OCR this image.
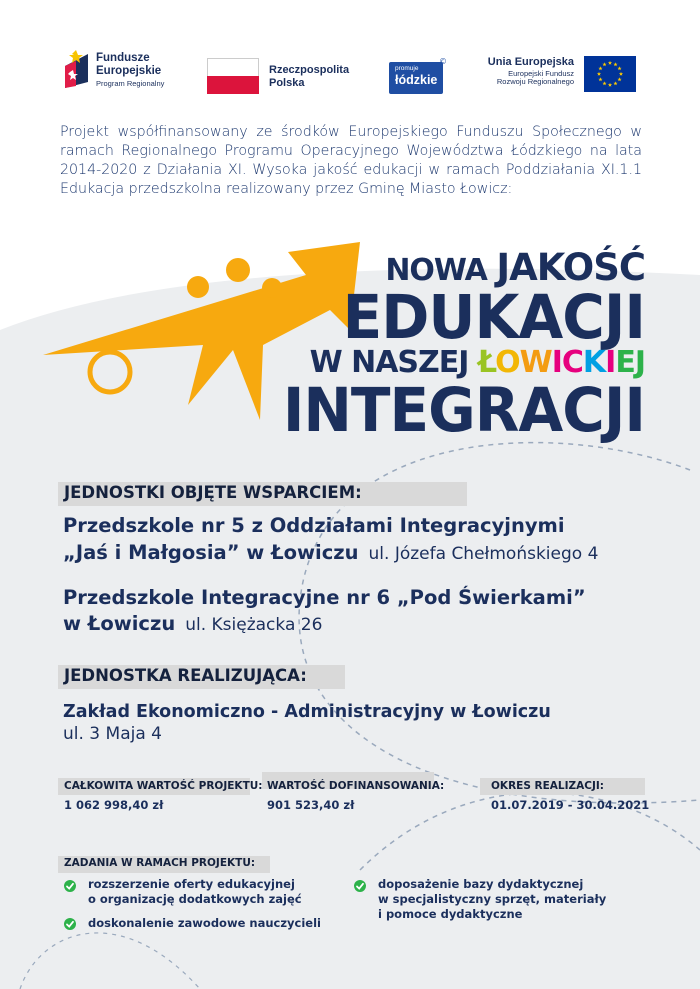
Fundusze
Europejskie
Program Regionalny
Rzeczpospolita
Polska
promuje
łódzkie
©	Unia Europejska
Europejski Fundusz
Rozwoju Regionalnego
Projekt współfinansowany ze środków Europejskiego Funduszu Społecznego w ramach Regionalnego Programu Operacyjnego Województwa Łódzkiego na lata 2014-2020 z Działania XI. Wysoka jakość edukacji w ramach Poddziałania XI.1.1 Edukacja przedszkolna realizowany przez Gminę Miasto Łowicz:
NOWA JAKOŚĆ
EDUKACJI
W NASZEJ ŁOWICKIEJ
INTEGRACJI
JEDNOSTKI OBJĘTE WSPARCIEM:
Przedszkole nr 5 z Oddziałami Integracyjnymi
„Jaś i Małgosia” w Łowiczu ul. Józefa Chełmońskiego 4
Przedszkole Integracyjne nr 6 „Pod Świerkami”
w Łowiczu ul. Księżacka 26
JEDNOSTKA REALIZUJĄCA:
Zakład Ekonomiczno - Administracyjny w Łowiczu
ul. 3 Maja 4
CAŁKOWITA WARTOŚĆ PROJEKTU:
1 062 998,40 zł
WARTOŚĆ DOFINANSOWANIA:
901 523,40 zł
OKRES REALIZACJI:
01.07.2019 - 30.04.2021
ZADANIA W RAMACH PROJEKTU:
rozszerzenie oferty edukacyjnej
o organizację dodatkowych zajęć
doskonalenie zawodowe nauczycieli
doposażenie bazy dydaktycznej
w specjalistyczny sprzęt, materiały
i pomoce dydaktyczne
